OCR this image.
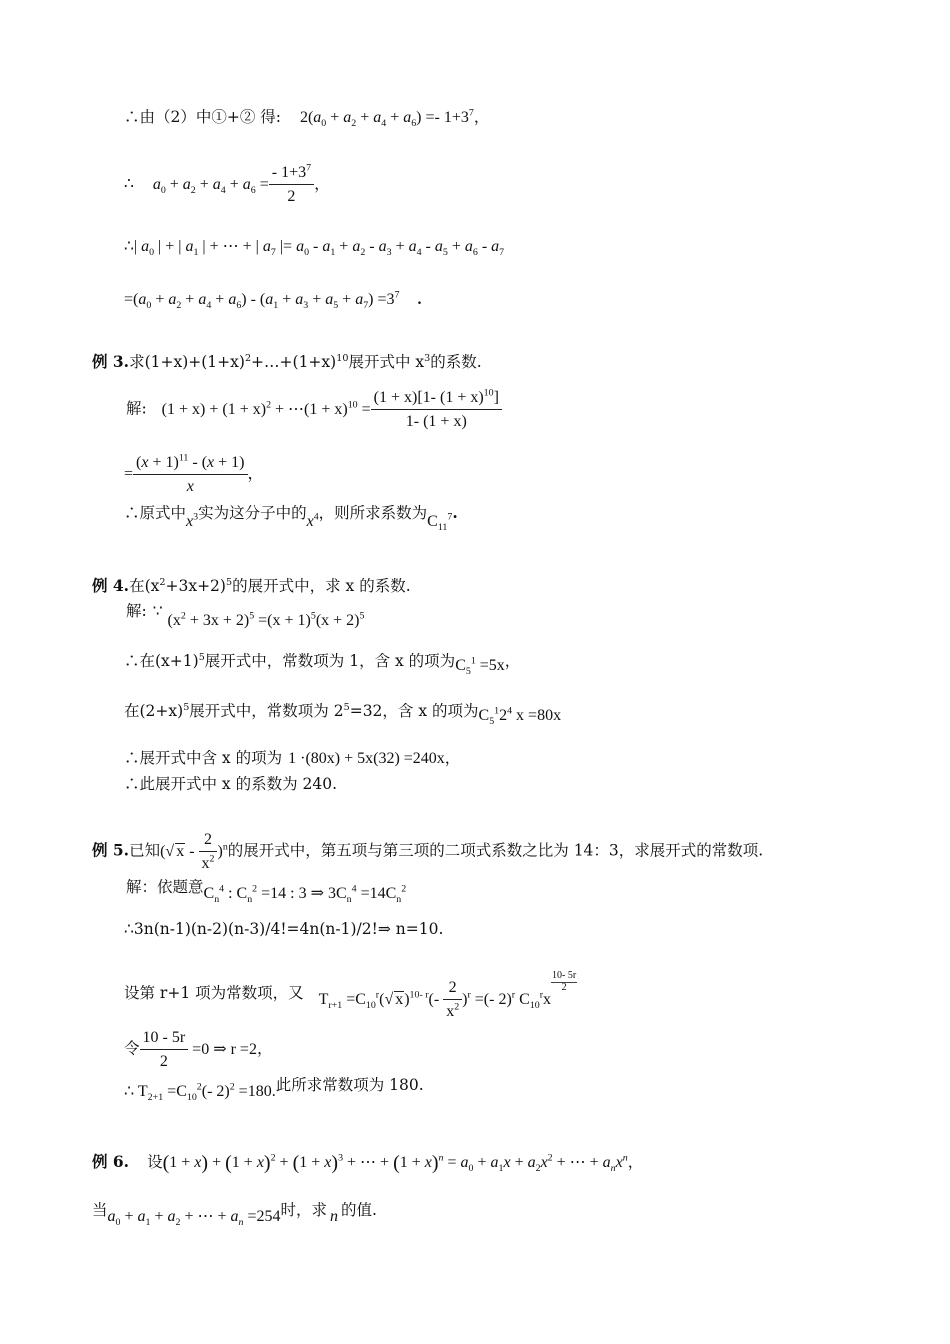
∴由（2）中①+② 得: $2(a_0 + a_2 + a_4 + a_6) =- 1+3^7$，
∴ $a_0 + a_2 + a_4 + a_6 = \frac{- 1+3^7}{2}$ ，
∴| $a_0$ | + | $a_1$ | + ⋯ + | $a_7$ |= $a_0 - a_1 + a_2 - a_3 + a_4 - a_5 + a_6 - a_7$
$=(a_0 + a_2 + a_4 + a_6) - (a_1 + a_3 + a_5 + a_7) =3^7$ .
例 3.求$(1+x)+(1+x)^2+\dots+(1+x)^{10}$展开式中 $x^3$的系数.
解: $(1 + x) + (1 + x)^2$ + ⋯(1 + $x)^{10} = \frac{(1 + x)[1- (1 + x)^{10}]}{1- (1 + x)}$
= $\frac{(x + 1)^{11} - (x + 1)}{x}$ ，
∴原式中$x^3$实为这分子中的$x^4$，则所求系数为$C_{11}^7$.
例 4.在$(x^2+3x+2)^5$的展开式中，求 x 的系数.
解: ∵ $(x^2 + 3x + 2)^5 =(x + 1)^5(x + 2)^5$
∴在$(x+1)^5$展开式中，常数项为 1，含 x 的项为$C_5^1 =5x$，
在$(2+x)^5$展开式中，常数项为 $2^5=32$，含 x 的项为$C_5^12^4$ x =80x
∴展开式中含 x 的项为 1 ·(80x) + 5x(32) =240x，
∴此展开式中 x 的系数为 240.
例 5.已知(√ x - $\frac{2}{x^2} )^n$的展开式中，第五项与第三项的二项式系数之比为 14：3，求展开式的常数项.
解：依题意$C_n^4$ : $C_n^2 =14$ : 3 ⇒ $3C_n^4 =14C_n^2$
∴3n(n-1)(n-2)(n-3)/4!=4n(n-1)/2!⇒ n=10.
设第 r+1 项为常数项，又 $T_{r+1} =C_{10}^r(√$ $x)^{10- r}(- \frac{2}{x^2} )^r$ =(- 2)$^r$ $C_{10}^rx$
$\frac{10- 5r}{2}$
令 $\frac{10 - 5r}{2} =0$ ⇒ r =2，
∴ $T_{2+1} =C_{10}^2(-$ 2)$^2$ =180.此所求常数项为 180.
例 6. 设$(1 + x) + (1 + x)^2 + (1 + x)^3$ + ⋯ + $(1 + x)^n = a_0 + a_1x + a_2x^2$ + ⋯ + $a_nx^n$，
当$a_0 + a_1 + a_2$ + ⋯ + $a_n =254$时，求 n 的值.
